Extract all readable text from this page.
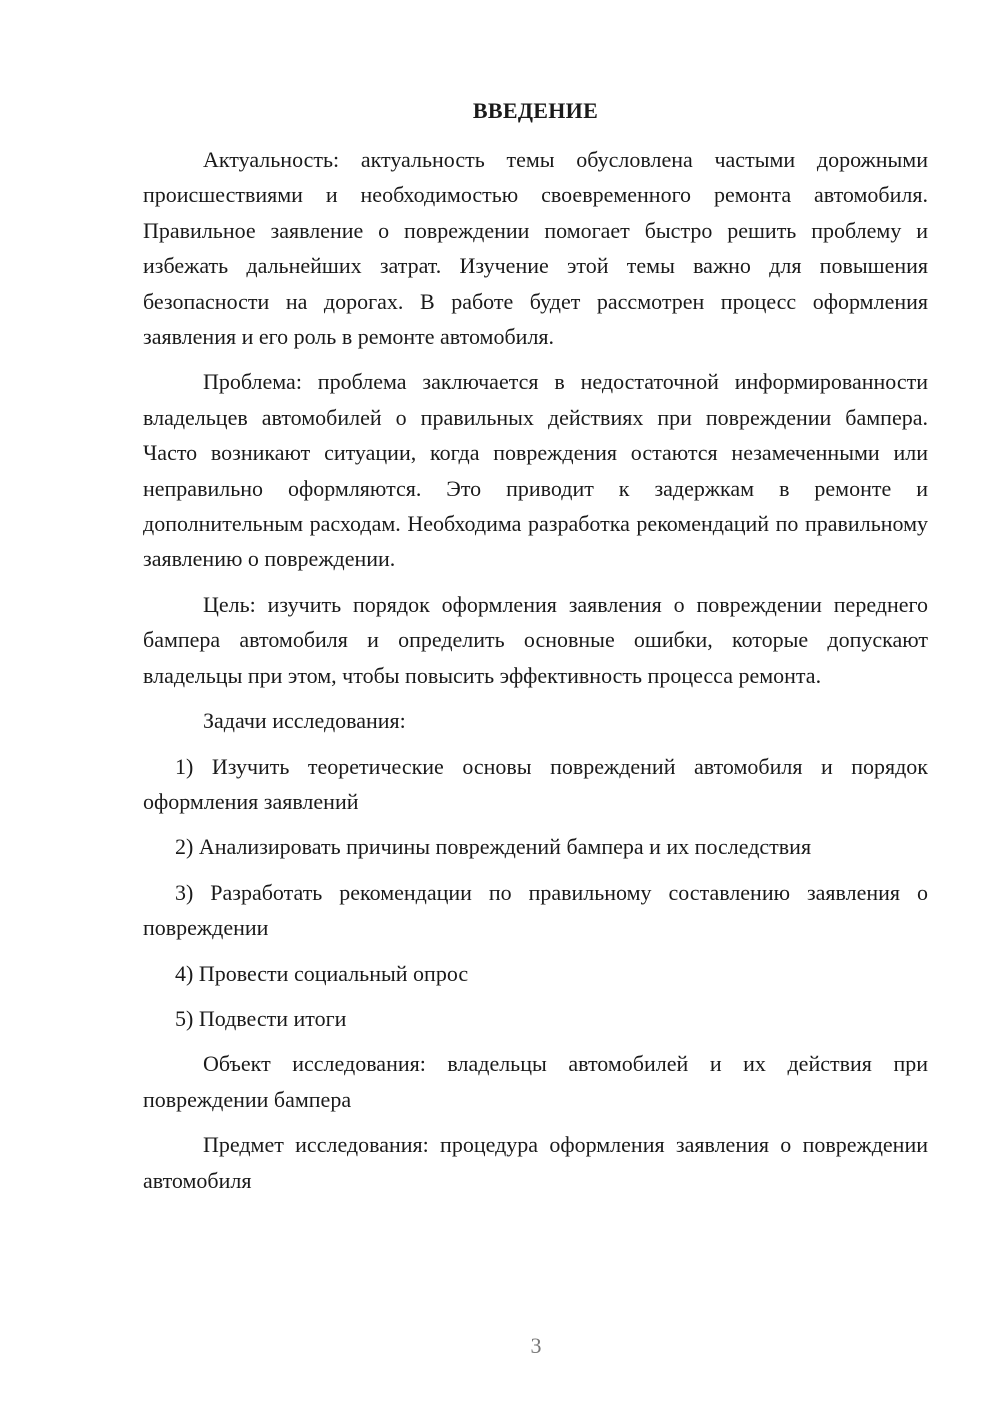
ВВЕДЕНИЕ

Актуальность: актуальность темы обусловлена частыми дорожными происшествиями и необходимостью своевременного ремонта автомобиля. Правильное заявление о повреждении помогает быстро решить проблему и избежать дальнейших затрат. Изучение этой темы важно для повышения безопасности на дорогах. В работе будет рассмотрен процесс оформления заявления и его роль в ремонте автомобиля.

Проблема: проблема заключается в недостаточной информированности владельцев автомобилей о правильных действиях при повреждении бампера. Часто возникают ситуации, когда повреждения остаются незамеченными или неправильно оформляются. Это приводит к задержкам в ремонте и дополнительным расходам. Необходима разработка рекомендаций по правильному заявлению о повреждении.

Цель: изучить порядок оформления заявления о повреждении переднего бампера автомобиля и определить основные ошибки, которые допускают владельцы при этом, чтобы повысить эффективность процесса ремонта.

Задачи исследования:

1) Изучить теоретические основы повреждений автомобиля и порядок оформления заявлений

2) Анализировать причины повреждений бампера и их последствия

3) Разработать рекомендации по правильному составлению заявления о повреждении

4) Провести социальный опрос

5) Подвести итоги

Объект исследования: владельцы автомобилей и их действия при повреждении бампера

Предмет исследования: процедура оформления заявления о повреждении автомобиля

3
